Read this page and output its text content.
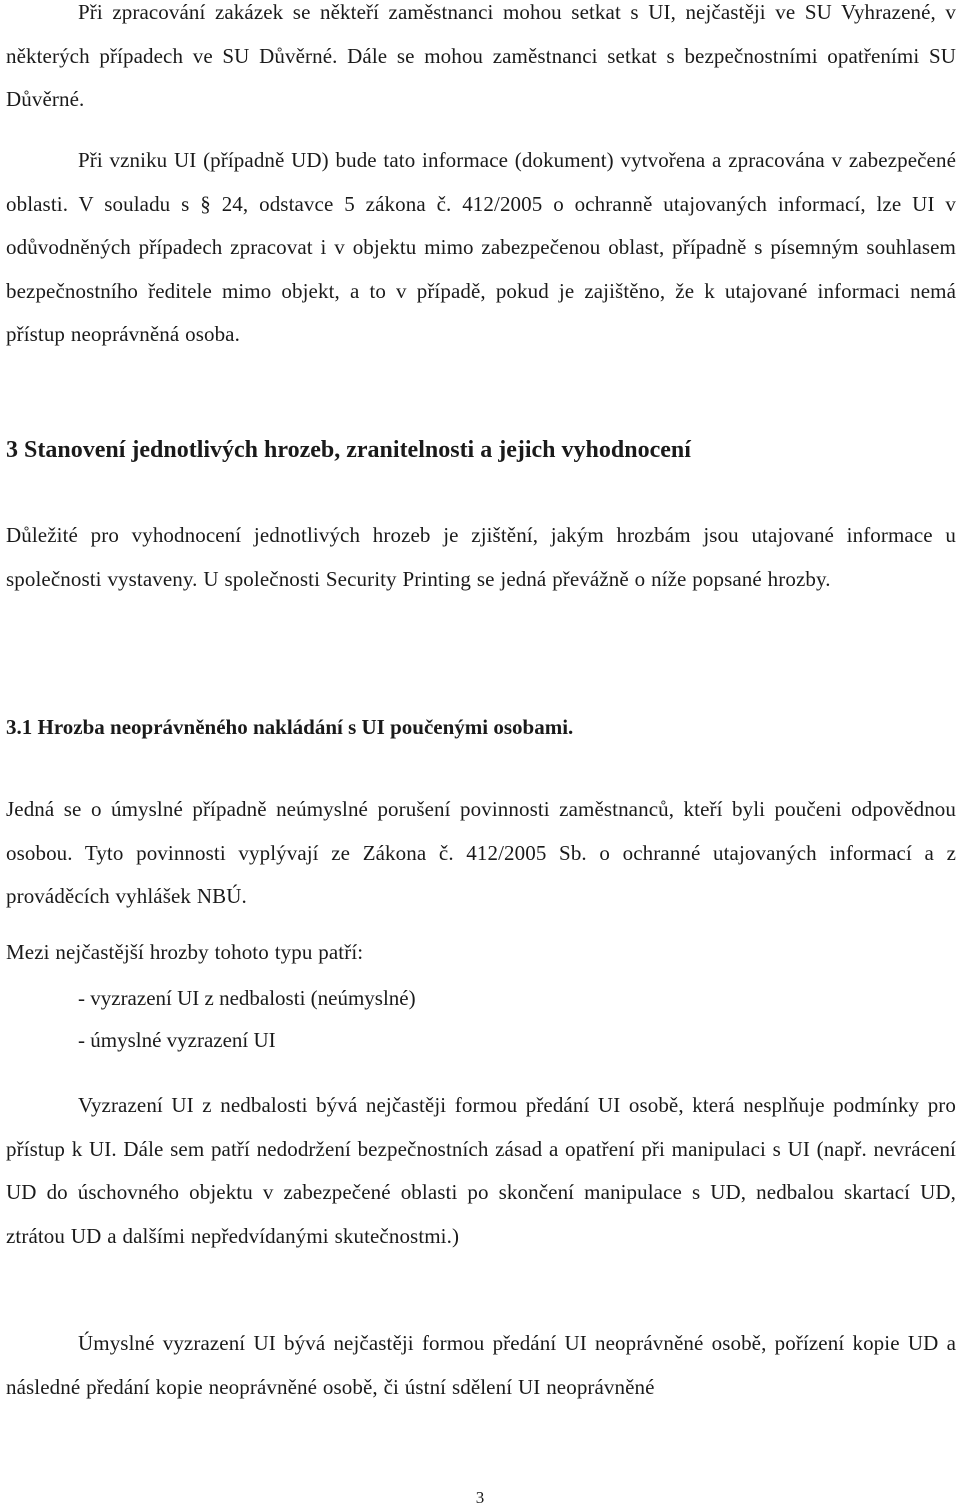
Při zpracování zakázek se někteří zaměstnanci mohou setkat s UI, nejčastěji ve SU Vyhrazené, v některých případech ve SU Důvěrné. Dále se mohou zaměstnanci setkat s bezpečnostními opatřeními SU Důvěrné.

Při vzniku UI (případně UD) bude tato informace (dokument) vytvořena a zpracována v zabezpečené oblasti. V souladu s § 24, odstavce 5 zákona č. 412/2005 o ochranně utajovaných informací, lze UI v odůvodněných případech zpracovat i v objektu mimo zabezpečenou oblast, případně s písemným souhlasem bezpečnostního ředitele mimo objekt, a to v případě, pokud je zajištěno, že k utajované informaci nemá přístup neoprávněná osoba.

3 Stanovení jednotlivých hrozeb, zranitelnosti a jejich vyhodnocení

Důležité pro vyhodnocení jednotlivých hrozeb je zjištění, jakým hrozbám jsou utajované informace u společnosti vystaveny. U společnosti Security Printing se jedná převážně o níže popsané hrozby.

3.1 Hrozba neoprávněného nakládání s UI poučenými osobami.

Jedná se o úmyslné případně neúmyslné porušení povinnosti zaměstnanců, kteří byli poučeni odpovědnou osobou. Tyto povinnosti vyplývají ze Zákona č. 412/2005 Sb. o ochranné utajovaných informací a z prováděcích vyhlášek NBÚ.

Mezi nejčastější hrozby tohoto typu patří:

- vyzrazení UI z nedbalosti (neúmyslné)

- úmyslné vyzrazení UI

Vyzrazení UI z nedbalosti bývá nejčastěji formou předání UI osobě, která nesplňuje podmínky pro přístup k UI. Dále sem patří nedodržení bezpečnostních zásad a opatření při manipulaci s UI (např. nevrácení UD do úschovného objektu v zabezpečené oblasti po skončení manipulace s UD, nedbalou skartací UD, ztrátou UD a dalšími nepředvídanými skutečnostmi.)

Úmyslné vyzrazení UI bývá nejčastěji formou předání UI neoprávněné osobě, pořízení kopie UD a následné předání kopie neoprávněné osobě, či ústní sdělení UI neoprávněné

3
